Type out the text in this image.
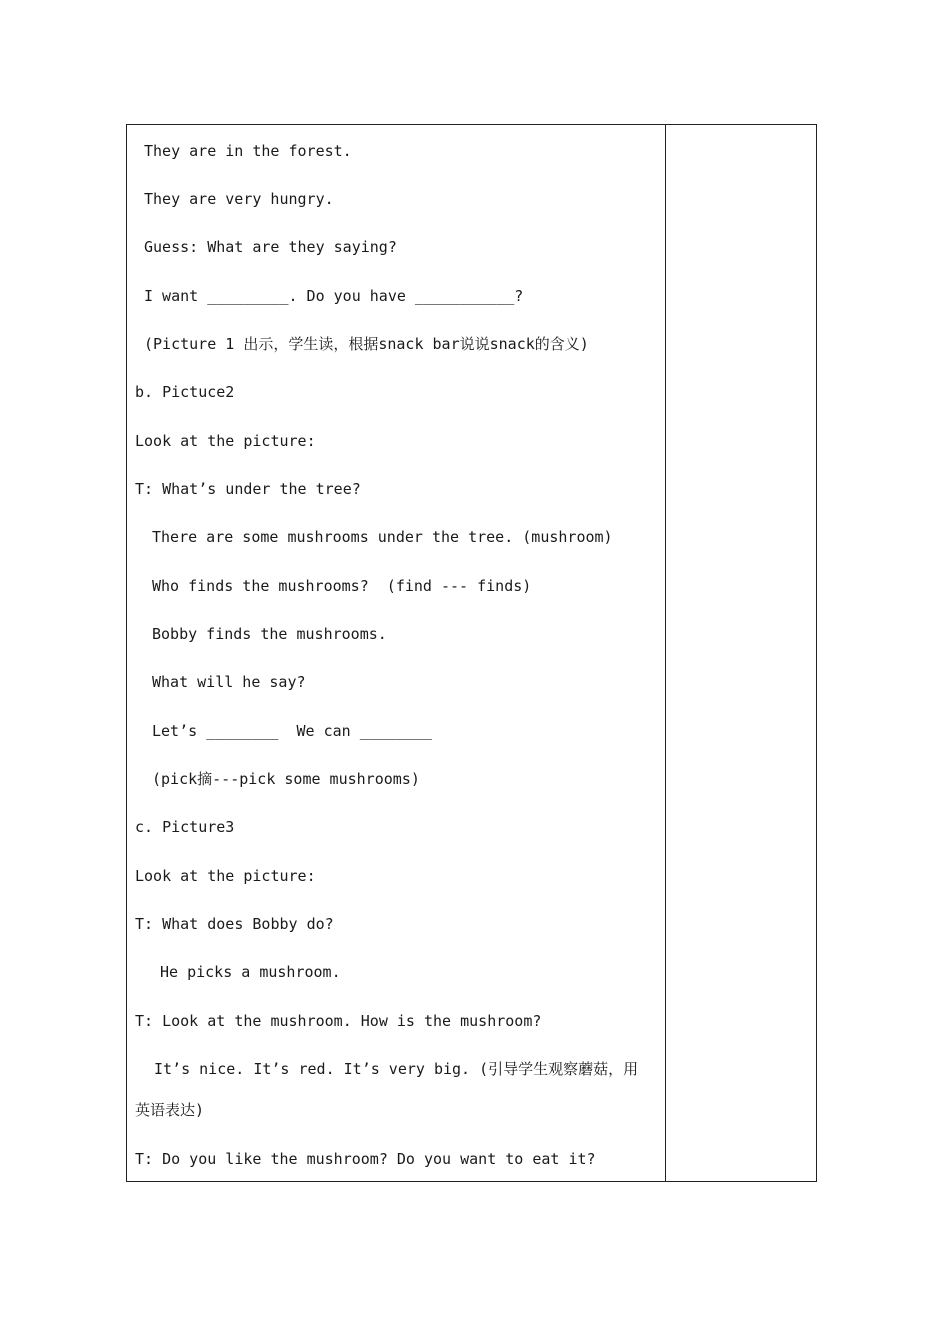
They are in the forest.
They are very hungry.
Guess: What are they saying?
I want _________. Do you have ___________?
(Picture 1 出示，学生读，根据snack bar说说snack的含义)
b. Pictuce2
Look at the picture:
T: What’s under the tree?
There are some mushrooms under the tree. (mushroom)
Who finds the mushrooms?  (find --- finds)
Bobby finds the mushrooms.
What will he say?
Let’s ________  We can ________
(pick摘---pick some mushrooms)
c. Picture3
Look at the picture:
T: What does Bobby do?
He picks a mushroom.
T: Look at the mushroom. How is the mushroom?
It’s nice. It’s red. It’s very big. (引导学生观察蘑菇，用
英语表达)
T: Do you like the mushroom? Do you want to eat it?
